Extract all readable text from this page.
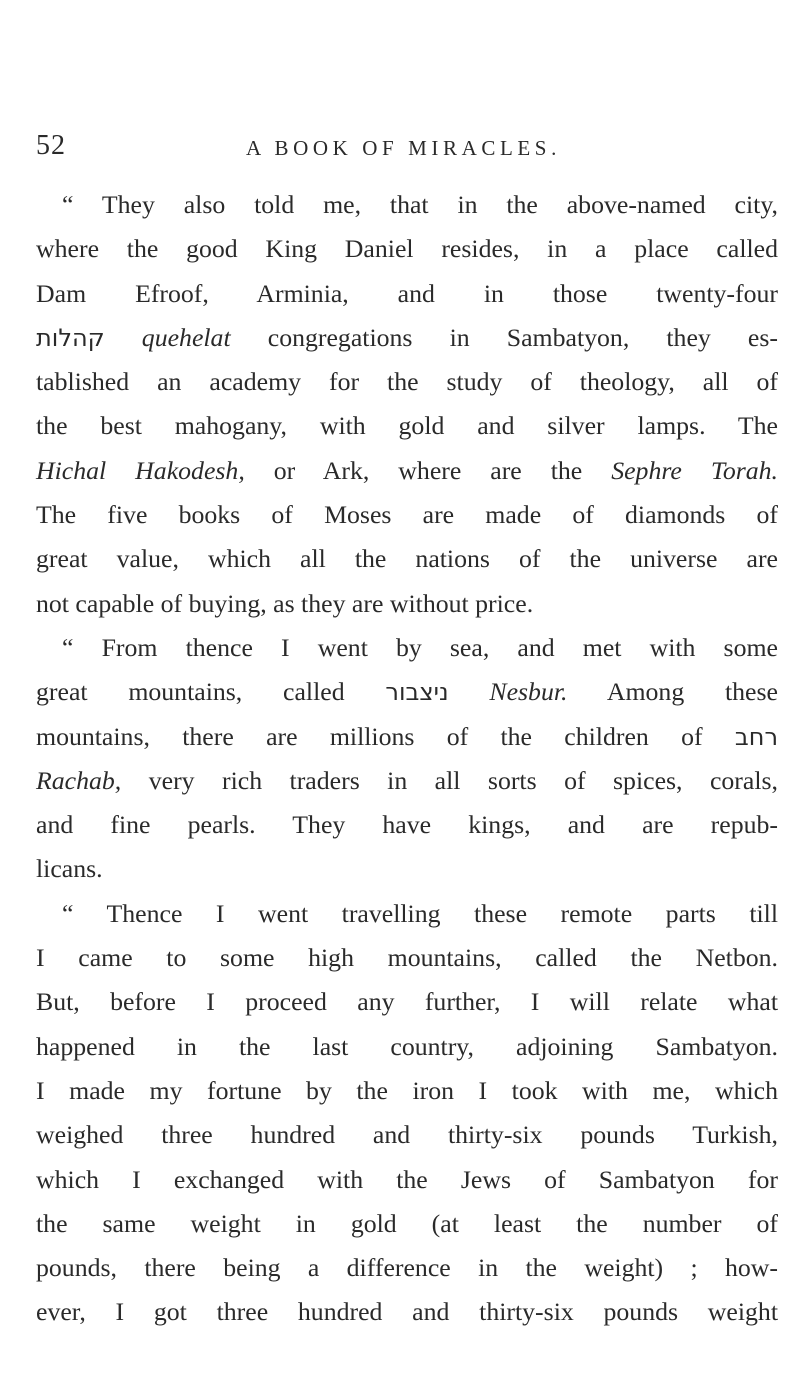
52	A BOOK OF MIRACLES.
“ They also told me, that in the above-named city,
where the good King Daniel resides, in a place called
Dam Efroof, Arminia, and in those twenty-four
קהלות quehelat congregations in Sambatyon, they es-
tablished an academy for the study of theology, all of
the best mahogany, with gold and silver lamps. The
Hichal Hakodesh, or Ark, where are the Sephre Torah.
The five books of Moses are made of diamonds of
great value, which all the nations of the universe are
not capable of buying, as they are without price.
“ From thence I went by sea, and met with some
great mountains, called ניצבור Nesbur. Among these
mountains, there are millions of the children of רחב
Rachab, very rich traders in all sorts of spices, corals,
and fine pearls. They have kings, and are repub-
licans.
“ Thence I went travelling these remote parts till
I came to some high mountains, called the Netbon.
But, before I proceed any further, I will relate what
happened in the last country, adjoining Sambatyon.
I made my fortune by the iron I took with me, which
weighed three hundred and thirty-six pounds Turkish,
which I exchanged with the Jews of Sambatyon for
the same weight in gold (at least the number of
pounds, there being a difference in the weight) ; how-
ever, I got three hundred and thirty-six pounds weight
